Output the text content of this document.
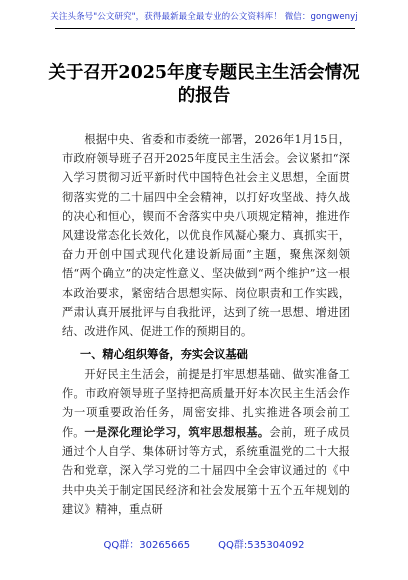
关注头条号"公文研究"，获得最新最全最专业的公文资料库！ 微信：gongwenyj
关于召开2025年度专题民主生活会情况
的报告
根据中央、省委和市委统一部署，2026年1月15日，市政府领导班子召开2025年度民主生活会。会议紧扣“深入学习贯彻习近平新时代中国特色社会主义思想，全面贯彻落实党的二十届四中全会精神，以打好攻坚战、持久战的决心和恒心，锲而不舍落实中央八项规定精神，推进作风建设常态化长效化，以优良作风凝心聚力、真抓实干，奋力开创中国式现代化建设新局面”主题，聚焦深刻领悟“两个确立”的决定性意义、坚决做到“两个维护”这一根本政治要求，紧密结合思想实际、岗位职责和工作实践，严肃认真开展批评与自我批评，达到了统一思想、增进团结、改进作风、促进工作的预期目的。
一、精心组织筹备，夯实会议基础
开好民主生活会，前提是打牢思想基础、做实准备工作。市政府领导班子坚持把高质量开好本次民主生活会作为一项重要政治任务，周密安排、扎实推进各项会前工作。 一是深化理论学习，筑牢思想根基。会前，班子成员通过个人自学、集体研讨等方式，系统重温党的二十大报告和党章，深入学习党的二十届四中全会审议通过的《中共中央关于制定国民经济和社会发展第十五个五年规划的建议》精神，重点研
QQ群：30265665	QQ群:535304092
